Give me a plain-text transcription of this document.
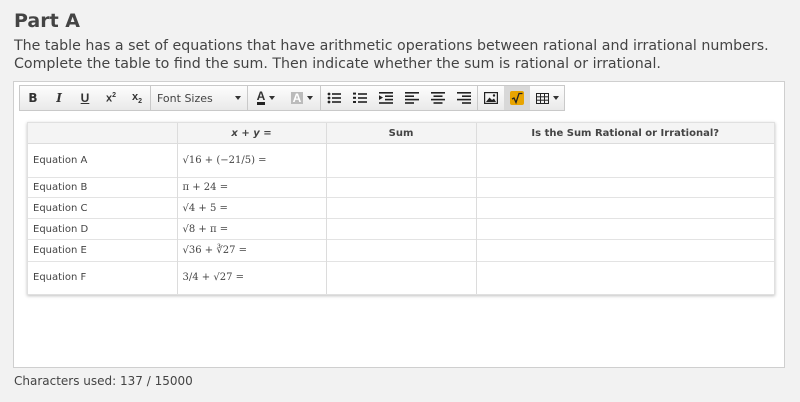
Part A
The table has a set of equations that have arithmetic operations between rational and irrational numbers. Complete the table to find the sum. Then indicate whether the sum is rational or irrational.
B I U $x^2$ $x_2$ Font Sizes	A A
	x + y =	Sum	Is the Sum Rational or Irrational?
Equation A	√16 + (−21/5) =		
Equation B	π + 24 =		
Equation C	√4 + 5 =		
Equation D	√8 + π =		
Equation E	√36 + ∛27 =		
Equation F	3/4 + √27 =		
Characters used: 137 / 15000
